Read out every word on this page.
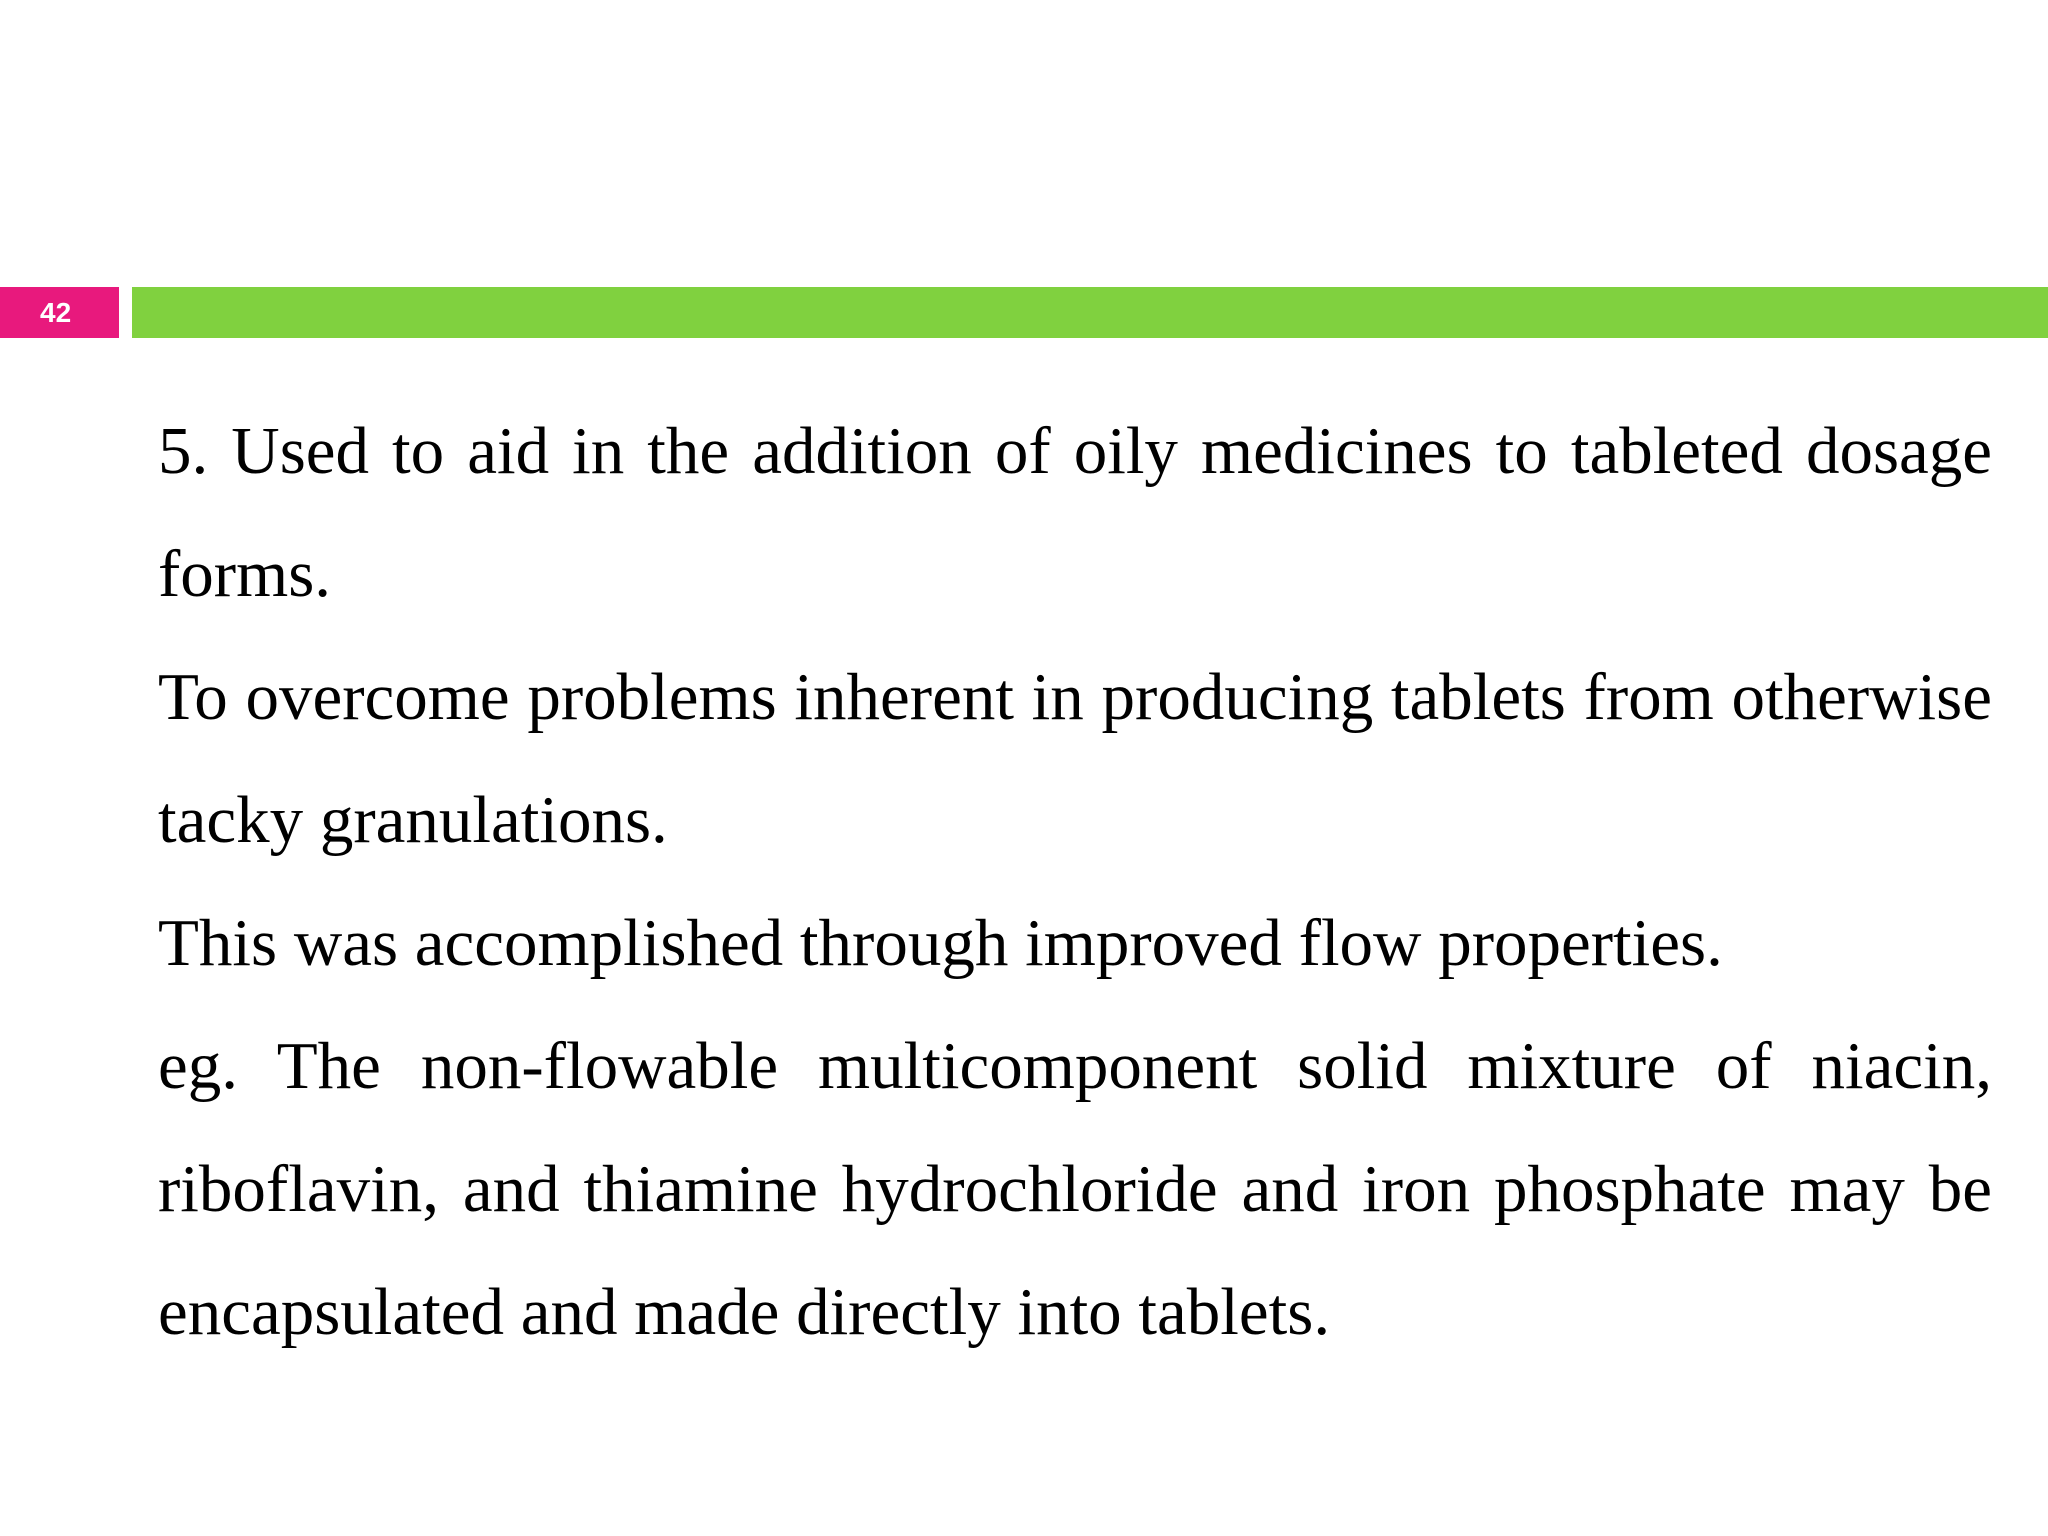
42

5. Used to aid in the addition of oily medicines to tableted dosage forms.

To overcome problems inherent in producing tablets from otherwise tacky granulations.

This was accomplished through improved flow properties.

eg. The non-flowable multicomponent solid mixture of niacin, riboflavin, and thiamine hydrochloride and iron phosphate may be encapsulated and made directly into tablets.
